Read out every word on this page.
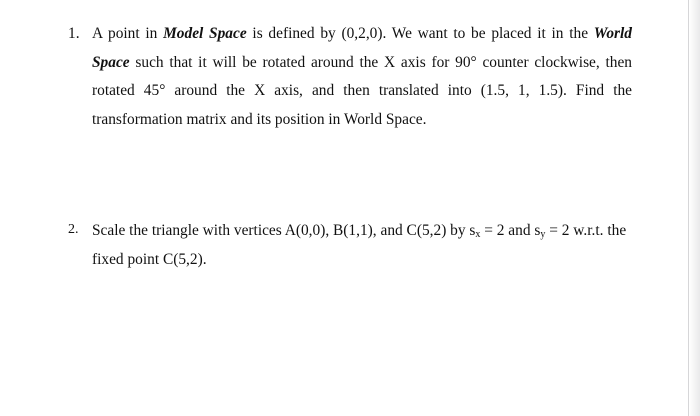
1. A point in Model Space is defined by (0,2,0). We want to be placed it in the World Space such that it will be rotated around the X axis for 90° counter clockwise, then rotated 45° around the X axis, and then translated into (1.5, 1, 1.5). Find the transformation matrix and its position in World Space.
2. Scale the triangle with vertices A(0,0), B(1,1), and C(5,2) by $s_x = 2$ and $s_y = 2$ w.r.t. the fixed point C(5,2).
